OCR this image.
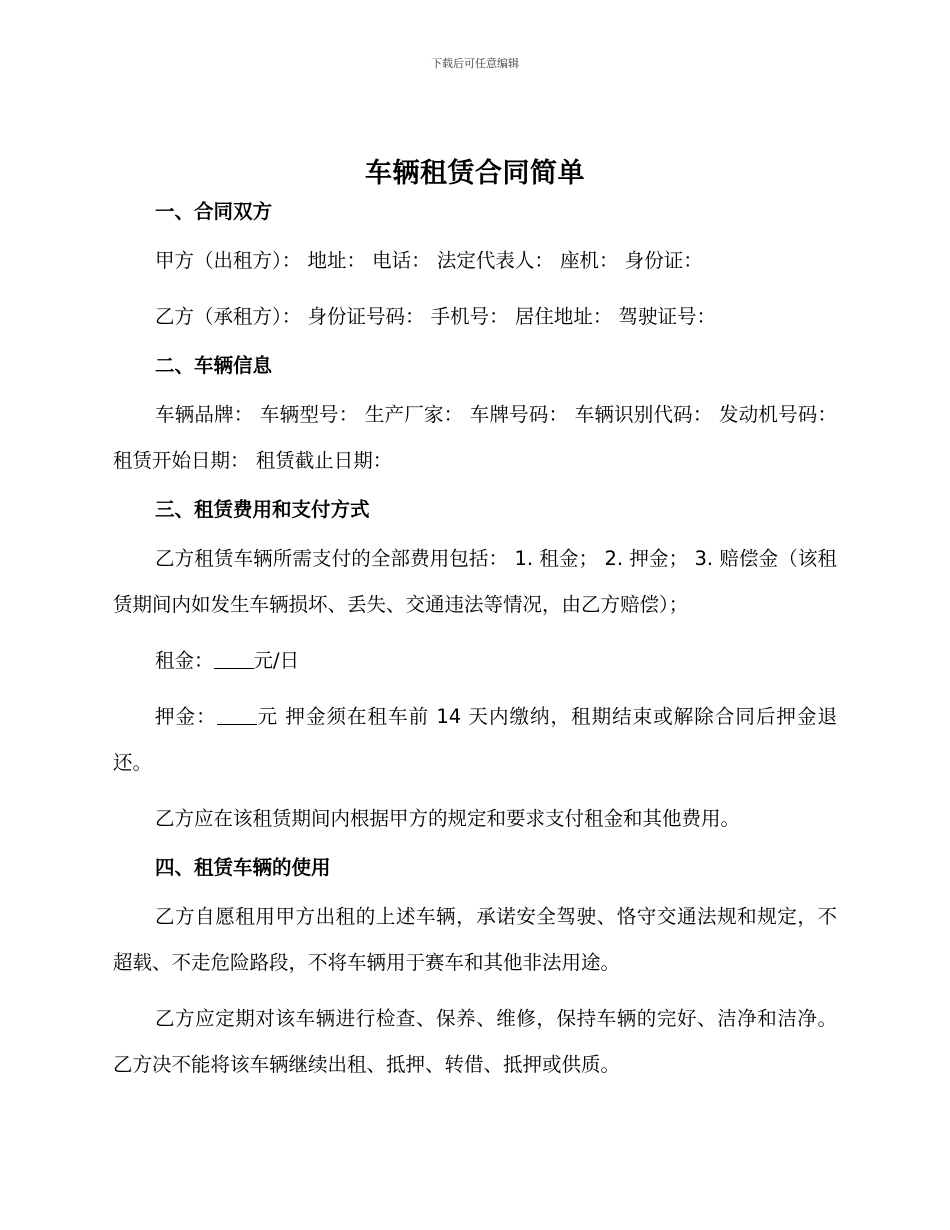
下载后可任意编辑
车辆租赁合同简单

一、合同双方

甲方（出租方）： 地址： 电话： 法定代表人： 座机： 身份证：

乙方（承租方）： 身份证号码： 手机号： 居住地址： 驾驶证号：

二、车辆信息

车辆品牌： 车辆型号： 生产厂家： 车牌号码： 车辆识别代码： 发动机号码： 租赁开始日期： 租赁截止日期：

三、租赁费用和支付方式

乙方租赁车辆所需支付的全部费用包括： 1. 租金； 2. 押金； 3. 赔偿金（该租赁期间内如发生车辆损坏、丢失、交通违法等情况，由乙方赔偿）；

租金： 元/日

押金： 元 押金须在租车前 14 天内缴纳，租期结束或解除合同后押金退还。

乙方应在该租赁期间内根据甲方的规定和要求支付租金和其他费用。

四、租赁车辆的使用

乙方自愿租用甲方出租的上述车辆，承诺安全驾驶、恪守交通法规和规定，不超载、不走危险路段，不将车辆用于赛车和其他非法用途。

乙方应定期对该车辆进行检查、保养、维修，保持车辆的完好、洁净和洁净。乙方决不能将该车辆继续出租、抵押、转借、抵押或供质。
